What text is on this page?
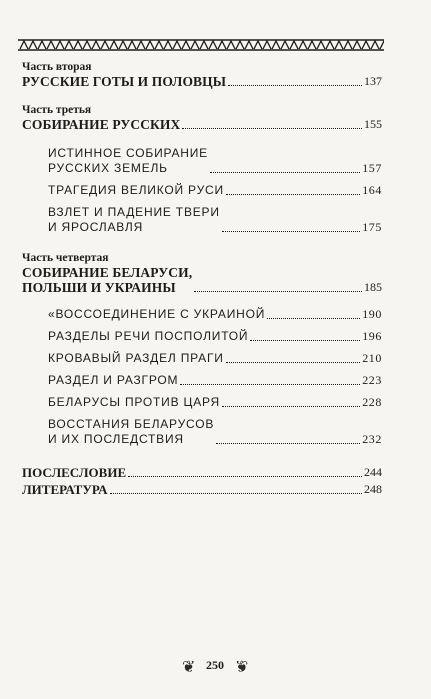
Часть вторая

РУССКИЕ ГОТЫ И ПОЛОВЦЫ	137

Часть третья

СОБИРАНИЕ РУССКИХ	155
ИСТИННОЕ СОБИРАНИЕ
РУССКИХ ЗЕМЕЛЬ	157
ТРАГЕДИЯ ВЕЛИКОЙ РУСИ	164
ВЗЛЕТ И ПАДЕНИЕ ТВЕРИ
И ЯРОСЛАВЛЯ	175

Часть четвертая

СОБИРАНИЕ БЕЛАРУСИ,
ПОЛЬШИ И УКРАИНЫ	185
«ВОССОЕДИНЕНИЕ С УКРАИНОЙ	190
РАЗДЕЛЫ РЕЧИ ПОСПОЛИТОЙ	196
КРОВАВЫЙ РАЗДЕЛ ПРАГИ	210
РАЗДЕЛ И РАЗГРОМ	223
БЕЛАРУСЫ ПРОТИВ ЦАРЯ	228
ВОССТАНИЯ БЕЛАРУСОВ
И ИХ ПОСЛЕДСТВИЯ	232
ПОСЛЕСЛОВИЕ	244
ЛИТЕРАТУРА	248
❦ 250 ❦
